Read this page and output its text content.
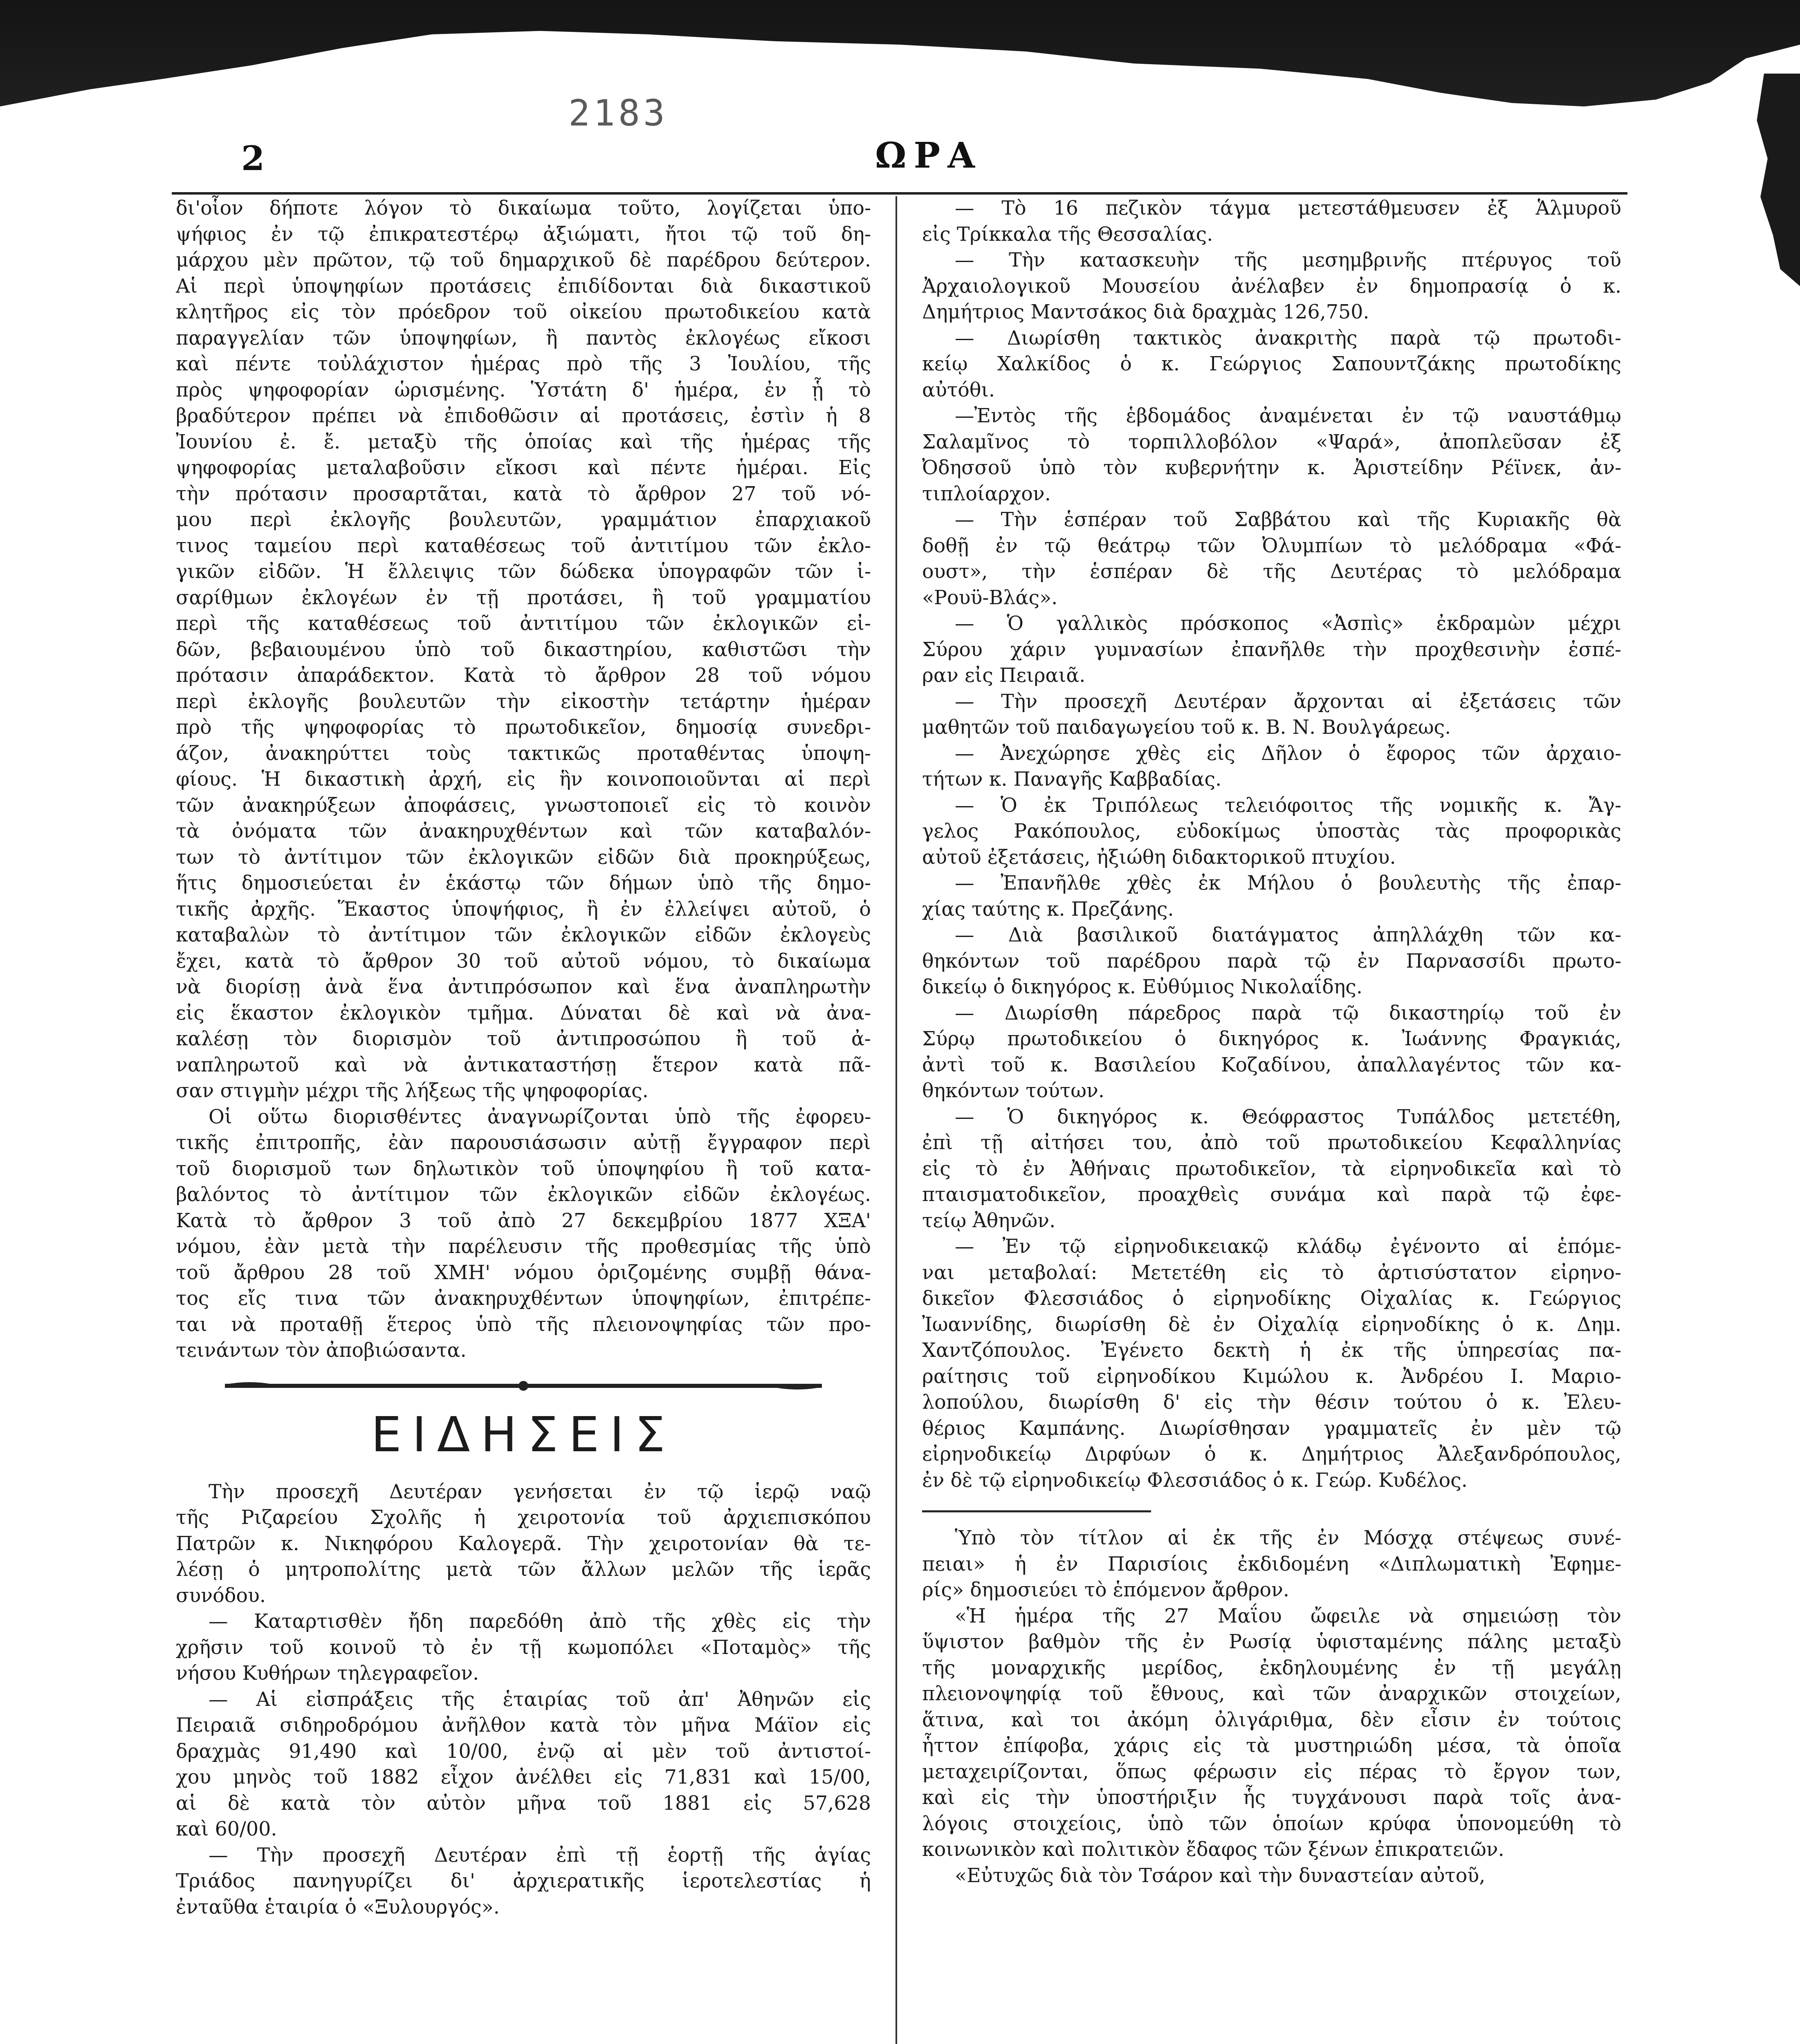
2183
2	ΩΡΑ
δι'οἷον δήποτε λόγον τὸ δικαίωμα τοῦτο, λογίζεται ὑπο-
ψήφιος ἐν τῷ ἐπικρατεστέρῳ ἀξιώματι, ἤτοι τῷ τοῦ δη-
μάρχου μὲν πρῶτον, τῷ τοῦ δημαρχικοῦ δὲ παρέδρου δεύτερον.
Αἱ περὶ ὑποψηφίων προτάσεις ἐπιδίδονται διὰ δικαστικοῦ
κλητῆρος εἰς τὸν πρόεδρον τοῦ οἰκείου πρωτοδικείου κατὰ
παραγγελίαν τῶν ὑποψηφίων, ἢ παντὸς ἐκλογέως εἴκοσι
καὶ πέντε τοὐλάχιστον ἡμέρας πρὸ τῆς 3 Ἰουλίου, τῆς
πρὸς ψηφοφορίαν ὡρισμένης. Ὑστάτη δ' ἡμέρα, ἐν ᾗ τὸ
βραδύτερον πρέπει νὰ ἐπιδοθῶσιν αἱ προτάσεις, ἐστὶν ἡ 8
Ἰουνίου ἐ. ἔ. μεταξὺ τῆς ὁποίας καὶ τῆς ἡμέρας τῆς
ψηφοφορίας μεταλαβοῦσιν εἴκοσι καὶ πέντε ἡμέραι. Εἰς
τὴν πρότασιν προσαρτᾶται, κατὰ τὸ ἄρθρον 27 τοῦ νό-
μου περὶ ἐκλογῆς βουλευτῶν, γραμμάτιον ἐπαρχιακοῦ
τινος ταμείου περὶ καταθέσεως τοῦ ἀντιτίμου τῶν ἐκλο-
γικῶν εἰδῶν. Ἡ ἔλλειψις τῶν δώδεκα ὑπογραφῶν τῶν ἰ-
σαρίθμων ἐκλογέων ἐν τῇ προτάσει, ἢ τοῦ γραμματίου
περὶ τῆς καταθέσεως τοῦ ἀντιτίμου τῶν ἐκλογικῶν εἰ-
δῶν, βεβαιουμένου ὑπὸ τοῦ δικαστηρίου, καθιστῶσι τὴν
πρότασιν ἀπαράδεκτον. Κατὰ τὸ ἄρθρον 28 τοῦ νόμου
περὶ ἐκλογῆς βουλευτῶν τὴν εἰκοστὴν τετάρτην ἡμέραν
πρὸ τῆς ψηφοφορίας τὸ πρωτοδικεῖον, δημοσίᾳ συνεδρι-
άζον, ἀνακηρύττει τοὺς τακτικῶς προταθέντας ὑποψη-
φίους. Ἡ δικαστικὴ ἀρχή, εἰς ἣν κοινοποιοῦνται αἱ περὶ
τῶν ἀνακηρύξεων ἀποφάσεις, γνωστοποιεῖ εἰς τὸ κοινὸν
τὰ ὀνόματα τῶν ἀνακηρυχθέντων καὶ τῶν καταβαλόν-
των τὸ ἀντίτιμον τῶν ἐκλογικῶν εἰδῶν διὰ προκηρύξεως,
ἥτις δημοσιεύεται ἐν ἑκάστῳ τῶν δήμων ὑπὸ τῆς δημο-
τικῆς ἀρχῆς. Ἕκαστος ὑποψήφιος, ἢ ἐν ἐλλείψει αὐτοῦ, ὁ
καταβαλὼν τὸ ἀντίτιμον τῶν ἐκλογικῶν εἰδῶν ἐκλογεὺς
ἔχει, κατὰ τὸ ἄρθρον 30 τοῦ αὐτοῦ νόμου, τὸ δικαίωμα
νὰ διορίσῃ ἀνὰ ἕνα ἀντιπρόσωπον καὶ ἕνα ἀναπληρωτὴν
εἰς ἕκαστον ἐκλογικὸν τμῆμα. Δύναται δὲ καὶ νὰ ἀνα-
καλέσῃ τὸν διορισμὸν τοῦ ἀντιπροσώπου ἢ τοῦ ἀ-
ναπληρωτοῦ καὶ νὰ ἀντικαταστήσῃ ἕτερον κατὰ πᾶ-
σαν στιγμὴν μέχρι τῆς λήξεως τῆς ψηφοφορίας.
Οἱ οὕτω διορισθέντες ἀναγνωρίζονται ὑπὸ τῆς ἐφορευ-
τικῆς ἐπιτροπῆς, ἐὰν παρουσιάσωσιν αὐτῇ ἔγγραφον περὶ
τοῦ διορισμοῦ των δηλωτικὸν τοῦ ὑποψηφίου ἢ τοῦ κατα-
βαλόντος τὸ ἀντίτιμον τῶν ἐκλογικῶν εἰδῶν ἐκλογέως.
Κατὰ τὸ ἄρθρον 3 τοῦ ἀπὸ 27 δεκεμβρίου 1877 ΧΞΑ'
νόμου, ἐὰν μετὰ τὴν παρέλευσιν τῆς προθεσμίας τῆς ὑπὸ
τοῦ ἄρθρου 28 τοῦ ΧΜΗ' νόμου ὁριζομένης συμβῇ θάνα-
τος εἴς τινα τῶν ἀνακηρυχθέντων ὑποψηφίων, ἐπιτρέπε-
ται νὰ προταθῇ ἕτερος ὑπὸ τῆς πλειονοψηφίας τῶν προ-
τεινάντων τὸν ἀποβιώσαντα.
ΕΙΔΗΣΕΙΣ
Τὴν προσεχῆ Δευτέραν γενήσεται ἐν τῷ ἱερῷ ναῷ
τῆς Ριζαρείου Σχολῆς ἡ χειροτονία τοῦ ἀρχιεπισκόπου
Πατρῶν κ. Νικηφόρου Καλογερᾶ. Τὴν χειροτονίαν θὰ τε-
λέσῃ ὁ μητροπολίτης μετὰ τῶν ἄλλων μελῶν τῆς ἱερᾶς
συνόδου.
— Καταρτισθὲν ἤδη παρεδόθη ἀπὸ τῆς χθὲς εἰς τὴν
χρῆσιν τοῦ κοινοῦ τὸ ἐν τῇ κωμοπόλει «Ποταμὸς» τῆς
νήσου Κυθήρων τηλεγραφεῖον.
— Αἱ εἰσπράξεις τῆς ἑταιρίας τοῦ ἀπ' Ἀθηνῶν εἰς
Πειραιᾶ σιδηροδρόμου ἀνῆλθον κατὰ τὸν μῆνα Μάϊον εἰς
δραχμὰς 91,490 καὶ 10/00, ἐνῷ αἱ μὲν τοῦ ἀντιστοί-
χου μηνὸς τοῦ 1882 εἶχον ἀνέλθει εἰς 71,831 καὶ 15/00,
αἱ δὲ κατὰ τὸν αὐτὸν μῆνα τοῦ 1881 εἰς 57,628
καὶ 60/00.
— Τὴν προσεχῆ Δευτέραν ἐπὶ τῇ ἑορτῇ τῆς ἁγίας
Τριάδος πανηγυρίζει δι' ἀρχιερατικῆς ἱεροτελεστίας ἡ
ἐνταῦθα ἑταιρία ὁ «Ξυλουργός».
— Τὸ 16 πεζικὸν τάγμα μετεστάθμευσεν ἐξ Ἁλμυροῦ
εἰς Τρίκκαλα τῆς Θεσσαλίας.
— Τὴν κατασκευὴν τῆς μεσημβρινῆς πτέρυγος τοῦ
Ἀρχαιολογικοῦ Μουσείου ἀνέλαβεν ἐν δημοπρασίᾳ ὁ κ.
Δημήτριος Μαντσάκος διὰ δραχμὰς 126,750.
— Διωρίσθη τακτικὸς ἀνακριτὴς παρὰ τῷ πρωτοδι-
κείῳ Χαλκίδος ὁ κ. Γεώργιος Σαπουντζάκης πρωτοδίκης
αὐτόθι.
—Ἐντὸς τῆς ἑβδομάδος ἀναμένεται ἐν τῷ ναυστάθμῳ
Σαλαμῖνος τὸ τορπιλλοβόλον «Ψαρά», ἀποπλεῦσαν ἐξ
Ὀδησσοῦ ὑπὸ τὸν κυβερνήτην κ. Ἀριστείδην Ρέϊνεκ, ἀν-
τιπλοίαρχον.
— Τὴν ἑσπέραν τοῦ Σαββάτου καὶ τῆς Κυριακῆς θὰ
δοθῇ ἐν τῷ θεάτρῳ τῶν Ὀλυμπίων τὸ μελόδραμα «Φά-
ουστ», τὴν ἑσπέραν δὲ τῆς Δευτέρας τὸ μελόδραμα
«Ρουϋ-Βλάς».
— Ὁ γαλλικὸς πρόσκοπος «Ἀσπὶς» ἐκδραμὼν μέχρι
Σύρου χάριν γυμνασίων ἐπανῆλθε τὴν προχθεσινὴν ἑσπέ-
ραν εἰς Πειραιᾶ.
— Τὴν προσεχῆ Δευτέραν ἄρχονται αἱ ἐξετάσεις τῶν
μαθητῶν τοῦ παιδαγωγείου τοῦ κ. Β. Ν. Βουλγάρεως.
— Ἀνεχώρησε χθὲς εἰς Δῆλον ὁ ἔφορος τῶν ἀρχαιο-
τήτων κ. Παναγῆς Καββαδίας.
— Ὁ ἐκ Τριπόλεως τελειόφοιτος τῆς νομικῆς κ. Ἄγ-
γελος Ρακόπουλος, εὐδοκίμως ὑποστὰς τὰς προφορικὰς
αὐτοῦ ἐξετάσεις, ἠξιώθη διδακτορικοῦ πτυχίου.
— Ἐπανῆλθε χθὲς ἐκ Μήλου ὁ βουλευτὴς τῆς ἐπαρ-
χίας ταύτης κ. Πρεζάνης.
— Διὰ βασιλικοῦ διατάγματος ἀπηλλάχθη τῶν κα-
θηκόντων τοῦ παρέδρου παρὰ τῷ ἐν Παρνασσίδι πρωτο-
δικείῳ ὁ δικηγόρος κ. Εὐθύμιος Νικολαΐδης.
— Διωρίσθη πάρεδρος παρὰ τῷ δικαστηρίῳ τοῦ ἐν
Σύρῳ πρωτοδικείου ὁ δικηγόρος κ. Ἰωάννης Φραγκιάς,
ἀντὶ τοῦ κ. Βασιλείου Κοζαδίνου, ἀπαλλαγέντος τῶν κα-
θηκόντων τούτων.
— Ὁ δικηγόρος κ. Θεόφραστος Τυπάλδος μετετέθη,
ἐπὶ τῇ αἰτήσει του, ἀπὸ τοῦ πρωτοδικείου Κεφαλληνίας
εἰς τὸ ἐν Ἀθήναις πρωτοδικεῖον, τὰ εἰρηνοδικεῖα καὶ τὸ
πταισματοδικεῖον, προαχθεὶς συνάμα καὶ παρὰ τῷ ἐφε-
τείῳ Ἀθηνῶν.
— Ἐν τῷ εἰρηνοδικειακῷ κλάδῳ ἐγένοντο αἱ ἑπόμε-
ναι μεταβολαί: Μετετέθη εἰς τὸ ἀρτισύστατον εἰρηνο-
δικεῖον Φλεσσιάδος ὁ εἰρηνοδίκης Οἰχαλίας κ. Γεώργιος
Ἰωαννίδης, διωρίσθη δὲ ἐν Οἰχαλίᾳ εἰρηνοδίκης ὁ κ. Δημ.
Χαντζόπουλος. Ἐγένετο δεκτὴ ἡ ἐκ τῆς ὑπηρεσίας πα-
ραίτησις τοῦ εἰρηνοδίκου Κιμώλου κ. Ἀνδρέου Ι. Μαριο-
λοπούλου, διωρίσθη δ' εἰς τὴν θέσιν τούτου ὁ κ. Ἐλευ-
θέριος Καμπάνης. Διωρίσθησαν γραμματεῖς ἐν μὲν τῷ
εἰρηνοδικείῳ Διρφύων ὁ κ. Δημήτριος Ἀλεξανδρόπουλος,
ἐν δὲ τῷ εἰρηνοδικείῳ Φλεσσιάδος ὁ κ. Γεώρ. Κυδέλος.
Ὑπὸ τὸν τίτλον αἱ ἐκ τῆς ἐν Μόσχᾳ στέψεως συνέ-
πειαι» ἡ ἐν Παρισίοις ἐκδιδομένη «Διπλωματικὴ Ἐφημε-
ρίς» δημοσιεύει τὸ ἑπόμενον ἄρθρον.
«Ἡ ἡμέρα τῆς 27 Μαΐου ὤφειλε νὰ σημειώσῃ τὸν
ὕψιστον βαθμὸν τῆς ἐν Ρωσίᾳ ὑφισταμένης πάλης μεταξὺ
τῆς μοναρχικῆς μερίδος, ἐκδηλουμένης ἐν τῇ μεγάλῃ
πλειονοψηφίᾳ τοῦ ἔθνους, καὶ τῶν ἀναρχικῶν στοιχείων,
ἅτινα, καὶ τοι ἀκόμη ὀλιγάριθμα, δὲν εἶσιν ἐν τούτοις
ἧττον ἐπίφοβα, χάρις εἰς τὰ μυστηριώδη μέσα, τὰ ὁποῖα
μεταχειρίζονται, ὅπως φέρωσιν εἰς πέρας τὸ ἔργον των,
καὶ εἰς τὴν ὑποστήριξιν ἧς τυγχάνουσι παρὰ τοῖς ἀνα-
λόγοις στοιχείοις, ὑπὸ τῶν ὁποίων κρύφα ὑπονομεύθη τὸ
κοινωνικὸν καὶ πολιτικὸν ἔδαφος τῶν ξένων ἐπικρατειῶν.
«Εὐτυχῶς διὰ τὸν Τσάρον καὶ τὴν δυναστείαν αὐτοῦ,
